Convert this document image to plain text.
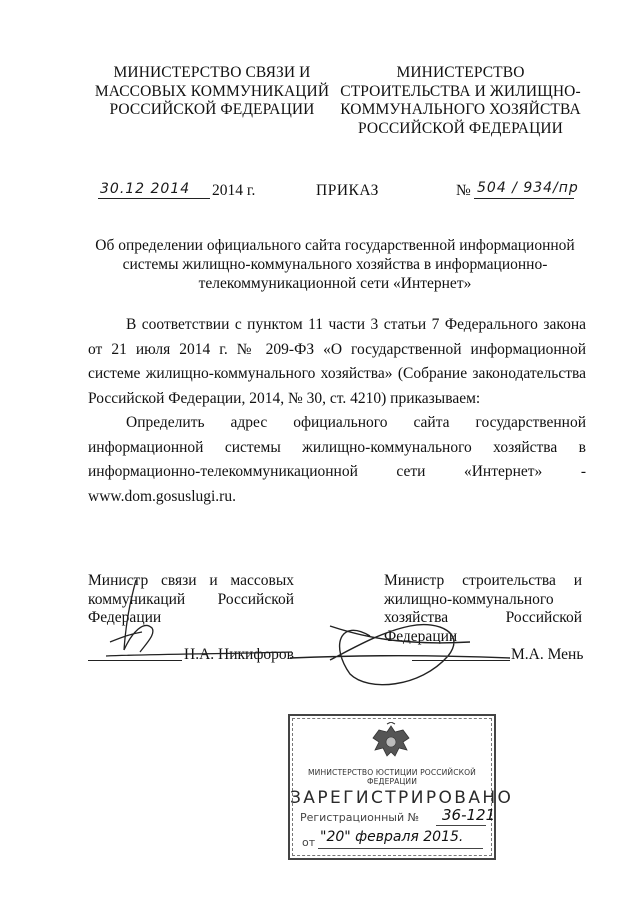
МИНИСТЕРСТВО СВЯЗИ И
МАССОВЫХ КОММУНИКАЦИЙ
РОССИЙСКОЙ ФЕДЕРАЦИИ
МИНИСТЕРСТВО
СТРОИТЕЛЬСТВА И ЖИЛИЩНО-
КОММУНАЛЬНОГО ХОЗЯЙСТВА
РОССИЙСКОЙ ФЕДЕРАЦИИ
30.12 2014 2014 г.	ПРИКАЗ	№ 504 / 934/пр
Об определении официального сайта государственной информационной
системы жилищно-коммунального хозяйства в информационно-
телекоммуникационной сети «Интернет»

В соответствии с пунктом 11 части 3 статьи 7 Федерального закона от 21 июля 2014 г. № 209-ФЗ «О государственной информационной системе жилищно-коммунального хозяйства» (Собрание законодательства Российской Федерации, 2014, № 30, ст. 4210) приказываем:

Определить адрес официального сайта государственной информационной системы жилищно-коммунального хозяйства в информационно-телекоммуникационной сети «Интернет» - www.dom.gosuslugi.ru.

Министр связи и массовых коммуникаций Российской Федерации
Н.А. Никифоров
Министр строительства и жилищно-коммунального хозяйства Российской Федерации
М.А. Мень
МИНИСТЕРСТВО ЮСТИЦИИ РОССИЙСКОЙ ФЕДЕРАЦИИ
ЗАРЕГИСТРИРОВАНО
Регистрационный № 36-121
от "20" февраля 2015.
